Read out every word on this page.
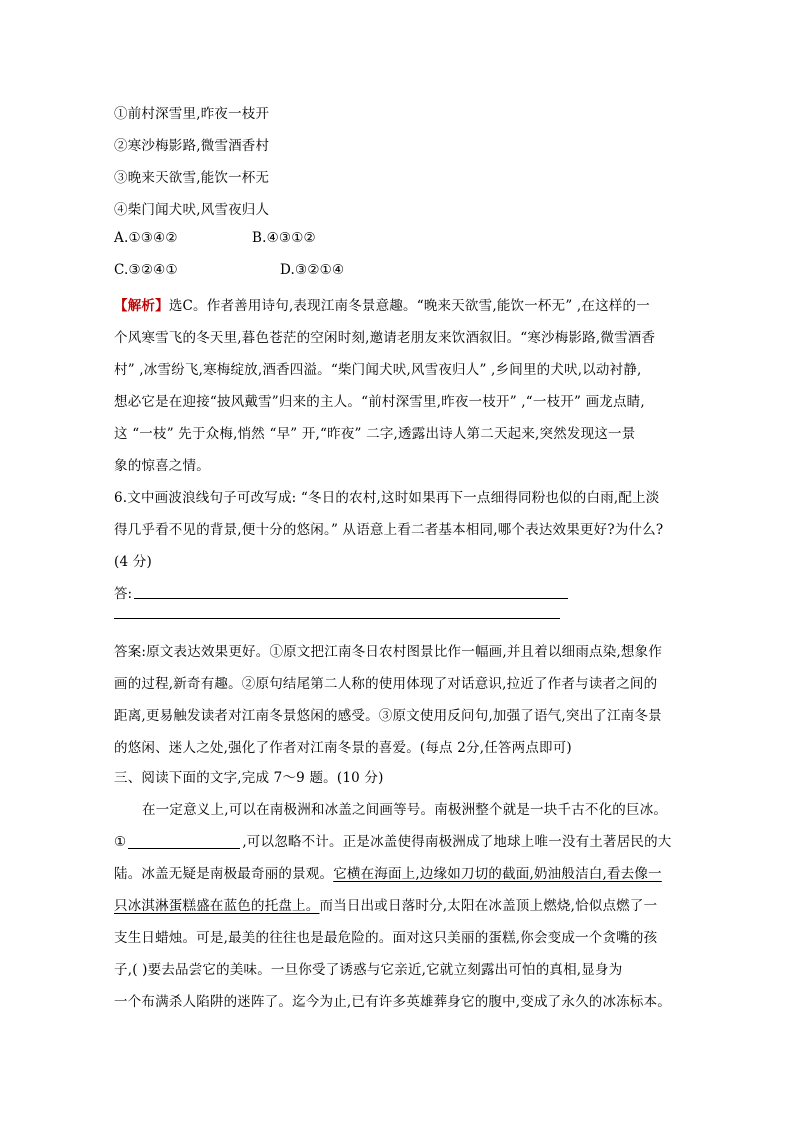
①前村深雪里,昨夜一枝开
②寒沙梅影路,微雪酒香村
③晚来天欲雪,能饮一杯无
④柴门闻犬吠,风雪夜归人
A.①③④②	B.④③①②
C.③②④①	D.③②①④
【解析】选C。作者善用诗句,表现江南冬景意趣。“晚来天欲雪,能饮一杯无” ,在这样的一
个风寒雪飞的冬天里,暮色苍茫的空闲时刻,邀请老朋友来饮酒叙旧。“寒沙梅影路,微雪酒香
村” ,冰雪纷飞,寒梅绽放,酒香四溢。“柴门闻犬吠,风雪夜归人” ,乡间里的犬吠,以动衬静,
想必它是在迎接“披风戴雪”归来的主人。“前村深雪里,昨夜一枝开” ,“一枝开” 画龙点睛,
这 “一枝” 先于众梅,悄然 “早” 开,“昨夜” 二字,透露出诗人第二天起来,突然发现这一景
象的惊喜之情。
6.文中画波浪线句子可改写成: “冬日的农村,这时如果再下一点细得同粉也似的白雨,配上淡
得几乎看不见的背景,便十分的悠闲。” 从语意上看二者基本相同,哪个表达效果更好?为什么?
(4 分)
答:
答案:原文表达效果更好。①原文把江南冬日农村图景比作一幅画,并且着以细雨点染,想象作
画的过程,新奇有趣。②原句结尾第二人称的使用体现了对话意识,拉近了作者与读者之间的
距离,更易触发读者对江南冬景悠闲的感受。③原文使用反问句,加强了语气,突出了江南冬景
的悠闲、迷人之处,强化了作者对江南冬景的喜爱。(每点 2分,任答两点即可)
三、阅读下面的文字,完成 7～9 题。(10 分)
在一定意义上,可以在南极洲和冰盖之间画等号。南极洲整个就是一块千古不化的巨冰。
①	,可以忽略不计。正是冰盖使得南极洲成了地球上唯一没有土著居民的大
陆。冰盖无疑是南极最奇丽的景观。它横在海面上,边缘如刀切的截面,奶油般洁白,看去像一
只冰淇淋蛋糕盛在蓝色的托盘上。而当日出或日落时分,太阳在冰盖顶上燃烧,恰似点燃了一
支生日蜡烛。可是,最美的往往也是最危险的。面对这只美丽的蛋糕,你会变成一个贪嘴的孩
子,( )要去品尝它的美味。一旦你受了诱惑与它亲近,它就立刻露出可怕的真相,显身为
一个布满杀人陷阱的迷阵了。迄今为止,已有许多英雄葬身它的腹中,变成了永久的冰冻标本。
